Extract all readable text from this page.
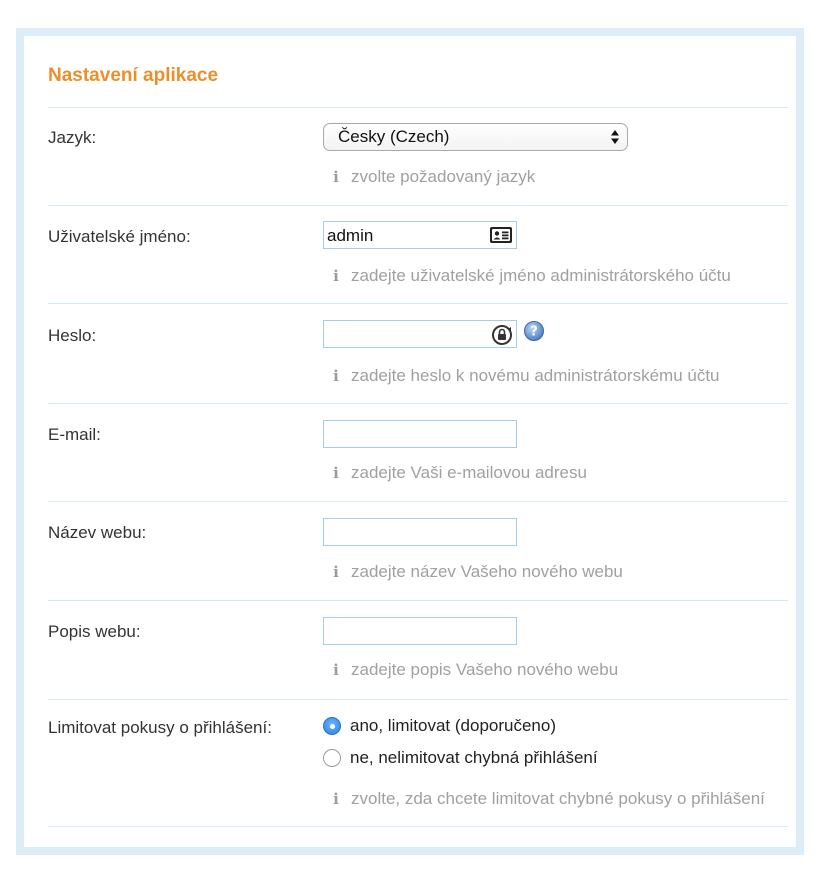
Nastavení aplikace
Jazyk:	Česky (Czech)
i zvolte požadovaný jazyk
Uživatelské jméno:	admin
i zadejte uživatelské jméno administrátorského účtu
Heslo:	?
i zadejte heslo k novému administrátorskému účtu
E-mail:
i zadejte Vaši e-mailovou adresu
Název webu:
i zadejte název Vašeho nového webu
Popis webu:
i zadejte popis Vašeho nového webu
Limitovat pokusy o přihlášení:	ano, limitovat (doporučeno)
ne, nelimitovat chybná přihlášení
i zvolte, zda chcete limitovat chybné pokusy o přihlášení
